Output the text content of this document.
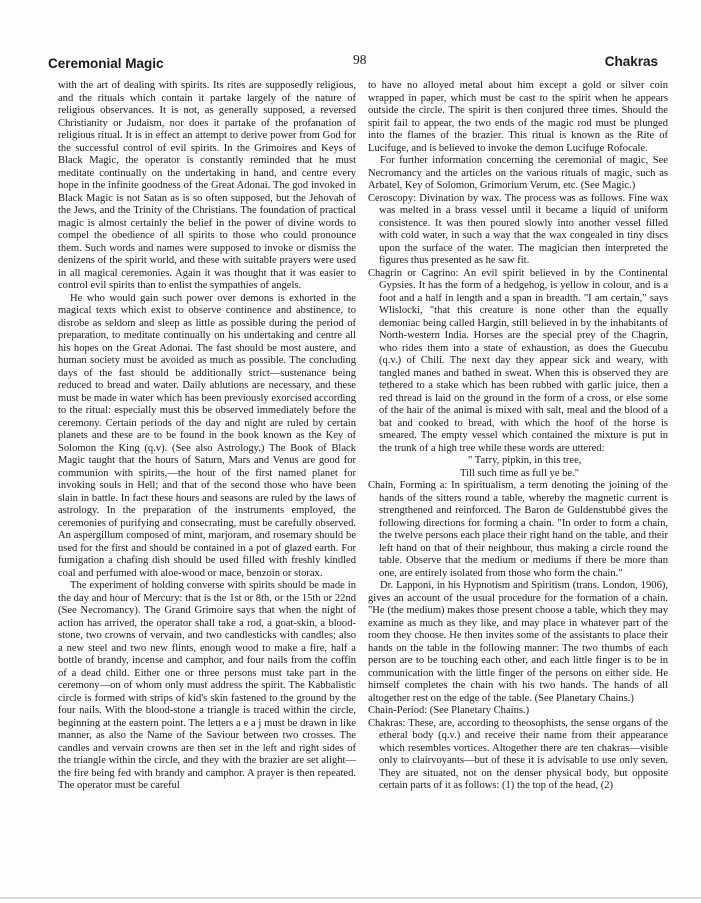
Ceremonial Magic	98	Chakras

with the art of dealing with spirits. Its rites are supposedly religious, and the rituals which contain it partake largely of the nature of religious observances. It is not, as generally supposed, a reversed Christianity or Judaism, nor does it partake of the profanation of religious ritual. It is in effect an attempt to derive power from God for the successful control of evil spirits. In the Grimoires and Keys of Black Magic, the operator is constantly reminded that he must meditate continually on the undertaking in hand, and centre every hope in the infinite goodness of the Great Adonai. The god invoked in Black Magic is not Satan as is so often supposed, but the Jehovah of the Jews, and the Trinity of the Christians. The foundation of practical magic is almost certainly the belief in the power of divine words to compel the obedience of all spirits to those who could pronounce them. Such words and names were supposed to invoke or dismiss the denizens of the spirit world, and these with suitable prayers were used in all magical ceremonies. Again it was thought that it was easier to control evil spirits than to enlist the sympathies of angels.

He who would gain such power over demons is exhorted in the magical texts which exist to observe continence and abstinence, to disrobe as seldom and sleep as little as possible during the period of preparation, to meditate continually on his undertaking and centre all his hopes on the Great Adonai. The fast should be most austere, and human society must be avoided as much as possible. The concluding days of the fast should be additionally strict—sustenance being reduced to bread and water. Daily ablutions are necessary, and these must be made in water which has been previously exorcised according to the ritual: especially must this be observed immediately before the ceremony. Certain periods of the day and night are ruled by certain planets and these are to be found in the book known as the Key of Solomon the King (q.v). (See also Astrology.) The Book of Black Magic taught that the hours of Saturn, Mars and Venus are good for communion with spirits,—the hour of the first named planet for invoking souls in Hell; and that of the second those who have been slain in battle. In fact these hours and seasons are ruled by the laws of astrology. In the preparation of the instruments employed, the ceremonies of purifying and consecrating, must be carefully observed. An aspergillum composed of mint, marjoram, and rosemary should be used for the first and should be contained in a pot of glazed earth. For fumigation a chafing dish should be used filled with freshly kindled coal and perfumed with aloe-wood or mace, benzoin or storax.

The experiment of holding converse with spirits should be made in the day and hour of Mercury: that is the 1st or 8th, or the 15th or 22nd (See Necromancy). The Grand Grimoire says that when the night of action has arrived, the operator shall take a rod, a goat-skin, a blood-stone, two crowns of vervain, and two candlesticks with candles; also a new steel and two new flints, enough wood to make a fire, half a bottle of brandy, incense and camphor, and four nails from the coffin of a dead child. Either one or three persons must take part in the ceremony—on of whom only must address the spirit. The Kabbalistic circle is formed with strips of kid's skin fastened to the ground by the four nails. With the blood-stone a triangle is traced within the circle, beginning at the eastern point. The letters a e a j must be drawn in like manner, as also the Name of the Saviour between two crosses. The candles and vervain crowns are then set in the left and right sides of the triangle within the circle, and they with the brazier are set alight—the fire being fed with brandy and camphor. A prayer is then repeated. The operator must be careful

to have no alloyed metal about him except a gold or silver coin wrapped in paper, which must be cast to the spirit when he appears outside the circle. The spirit is then conjured three times. Should the spirit fail to appear, the two ends of the magic rod must be plunged into the flames of the brazier. This ritual is known as the Rite of Lucifuge, and is believed to invoke the demon Lucifuge Rofocale.

For further information concerning the ceremonial of magic, See Necromancy and the articles on the various rituals of magic, such as Arbatel, Key of Solomon, Grimorium Verum, etc. (See Magic.)

Ceroscopy: Divination by wax. The process was as follows. Fine wax was melted in a brass vessel until it became a liquid of uniform consistence. It was then poured slowly into another vessel filled with cold water, in such a way that the wax congealed in tiny discs upon the surface of the water. The magician then interpreted the figures thus presented as he saw fit.

Chagrin or Cagrino: An evil spirit believed in by the Continental Gypsies. It has the form of a hedgehog, is yellow in colour, and is a foot and a half in length and a span in breadth. "I am certain," says Wlislocki, "that this creature is none other than the equally demoniac being called Hargin, still believed in by the inhabitants of North-western India. Horses are the special prey of the Chagrin, who rides them into a state of exhaustion, as does the Guecubu (q.v.) of Chili. The next day they appear sick and weary, with tangled manes and bathed in sweat. When this is observed they are tethered to a stake which has been rubbed with garlic juice, then a red thread is laid on the ground in the form of a cross, or else some of the hair of the animal is mixed with salt, meal and the blood of a bat and cooked to bread, with which the hoof of the horse is smeared. The empty vessel which contained the mixture is put in the trunk of a high tree while these words are uttered:

" Tarry, pipkin, in this tree,

Till such time as full ye be."

Chain, Forming a: In spiritualism, a term denoting the joining of the hands of the sitters round a table, whereby the magnetic current is strengthened and reinforced. The Baron de Guldenstubbé gives the following directions for forming a chain. "In order to form a chain, the twelve persons each place their right hand on the table, and their left hand on that of their neighbour, thus making a circle round the table. Observe that the medium or mediums if there be more than one, are entirely isolated from those who form the chain."

Dr. Lapponi, in his Hypnotism and Spiritism (trans. London, 1906), gives an account of the usual procedure for the formation of a chain. "He (the medium) makes those present choose a table, which they may examine as much as they like, and may place in whatever part of the room they choose. He then invites some of the assistants to place their hands on the table in the following manner: The two thumbs of each person are to be touching each other, and each little finger is to be in communication with the little finger of the persons on either side. He himself completes the chain with his two hands. The hands of all altogether rest on the edge of the table. (See Planetary Chains.)

Chain-Period: (See Planetary Chains.)

Chakras: These, are, according to theosophists, the sense organs of the etheral body (q.v.) and receive their name from their appearance which resembles vortices. Altogether there are ten chakras—visible only to clairvoyants—but of these it is advisable to use only seven. They are situated, not on the denser physical body, but opposite certain parts of it as follows: (1) the top of the head, (2)
